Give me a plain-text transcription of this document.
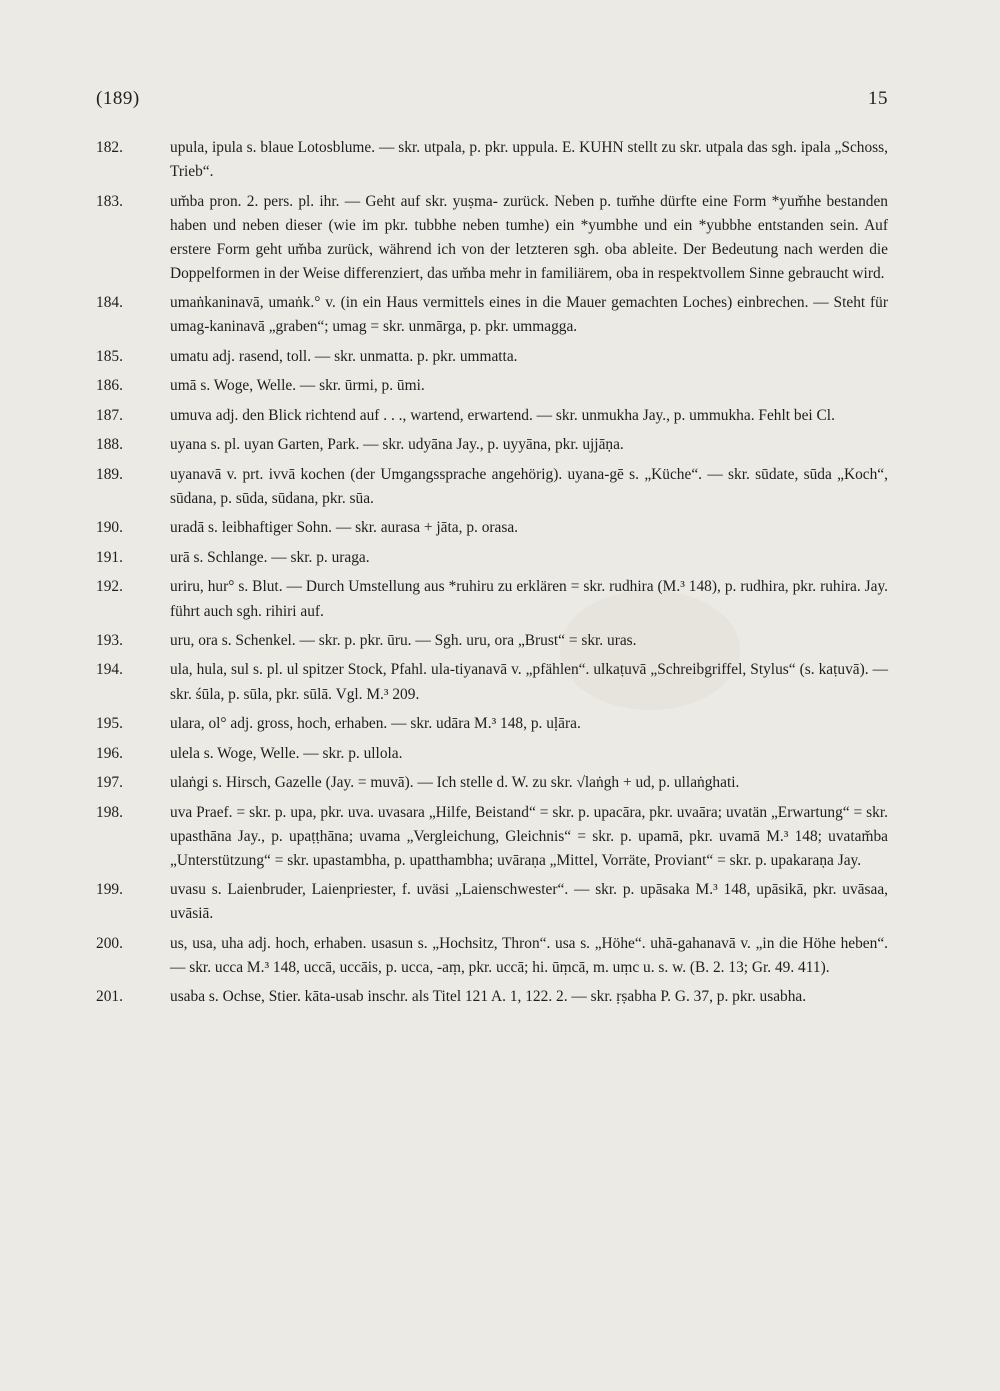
(189)	15
182.	upula, ipula s. blaue Lotosblume. — skr. utpala, p. pkr. uppula. E. KUHN stellt zu skr. utpala das sgh. ipala „Schoss, Trieb“.
183.	um̆ba pron. 2. pers. pl. ihr. — Geht auf skr. yuṣma- zurück. Neben p. tum̆he dürfte eine Form *yum̆he bestanden haben und neben dieser (wie im pkr. tubbhe neben tumhe) ein *yumbhe und ein *yubbhe entstanden sein. Auf erstere Form geht um̆ba zurück, während ich von der letzteren sgh. oba ableite. Der Bedeutung nach werden die Doppelformen in der Weise differenziert, das um̆ba mehr in familiärem, oba in respektvollem Sinne gebraucht wird.
184.	umaṅkaninavā, umaṅk.° v. (in ein Haus vermittels eines in die Mauer gemachten Loches) einbrechen. — Steht für umag-kaninavā „graben“; umag = skr. unmārga, p. pkr. ummagga.
185.	umatu adj. rasend, toll. — skr. unmatta. p. pkr. ummatta.
186.	umā s. Woge, Welle. — skr. ūrmi, p. ūmi.
187.	umuva adj. den Blick richtend auf . . ., wartend, erwartend. — skr. unmukha Jay., p. ummukha. Fehlt bei Cl.
188.	uyana s. pl. uyan Garten, Park. — skr. udyāna Jay., p. uyyāna, pkr. ujjāṇa.
189.	uyanavā v. prt. ivvā kochen (der Umgangssprache angehörig). uyana-gē s. „Küche“. — skr. sūdate, sūda „Koch“, sūdana, p. sūda, sūdana, pkr. sūa.
190.	uradā s. leibhaftiger Sohn. — skr. aurasa + jāta, p. orasa.
191.	urā s. Schlange. — skr. p. uraga.
192.	uriru, hur° s. Blut. — Durch Umstellung aus *ruhiru zu erklären = skr. rudhira (M.³ 148), p. rudhira, pkr. ruhira. Jay. führt auch sgh. rihiri auf.
193.	uru, ora s. Schenkel. — skr. p. pkr. ūru. — Sgh. uru, ora „Brust“ = skr. uras.
194.	ula, hula, sul s. pl. ul spitzer Stock, Pfahl. ula-tiyanavā v. „pfählen“. ulkaṭuvā „Schreibgriffel, Stylus“ (s. kaṭuvā). — skr. śūla, p. sūla, pkr. sūlā. Vgl. M.³ 209.
195.	ulara, ol° adj. gross, hoch, erhaben. — skr. udāra M.³ 148, p. uḷāra.
196.	ulela s. Woge, Welle. — skr. p. ullola.
197.	ulaṅgi s. Hirsch, Gazelle (Jay. = muvā). — Ich stelle d. W. zu skr. √laṅgh + ud, p. ullaṅghati.
198.	uva Praef. = skr. p. upa, pkr. uva. uvasara „Hilfe, Beistand“ = skr. p. upacāra, pkr. uvaāra; uvatän „Erwartung“ = skr. upasthāna Jay., p. upaṭṭhāna; uvama „Vergleichung, Gleichnis“ = skr. p. upamā, pkr. uvamā M.³ 148; uvatam̆ba „Unterstützung“ = skr. upastambha, p. upatthambha; uvāraṇa „Mittel, Vorräte, Proviant“ = skr. p. upakaraṇa Jay.
199.	uvasu s. Laienbruder, Laienpriester, f. uväsi „Laienschwester“. — skr. p. upāsaka M.³ 148, upāsikā, pkr. uvāsaa, uvāsiā.
200.	us, usa, uha adj. hoch, erhaben. usasun s. „Hochsitz, Thron“. usa s. „Höhe“. uhā-gahanavā v. „in die Höhe heben“. — skr. ucca M.³ 148, uccā, uccāis, p. ucca, -aṃ, pkr. uccā; hi. ūṃcā, m. uṃc u. s. w. (B. 2. 13; Gr. 49. 411).
201.	usaba s. Ochse, Stier. kāta-usab inschr. als Titel 121 A. 1, 122. 2. — skr. ṛṣabha P. G. 37, p. pkr. usabha.
